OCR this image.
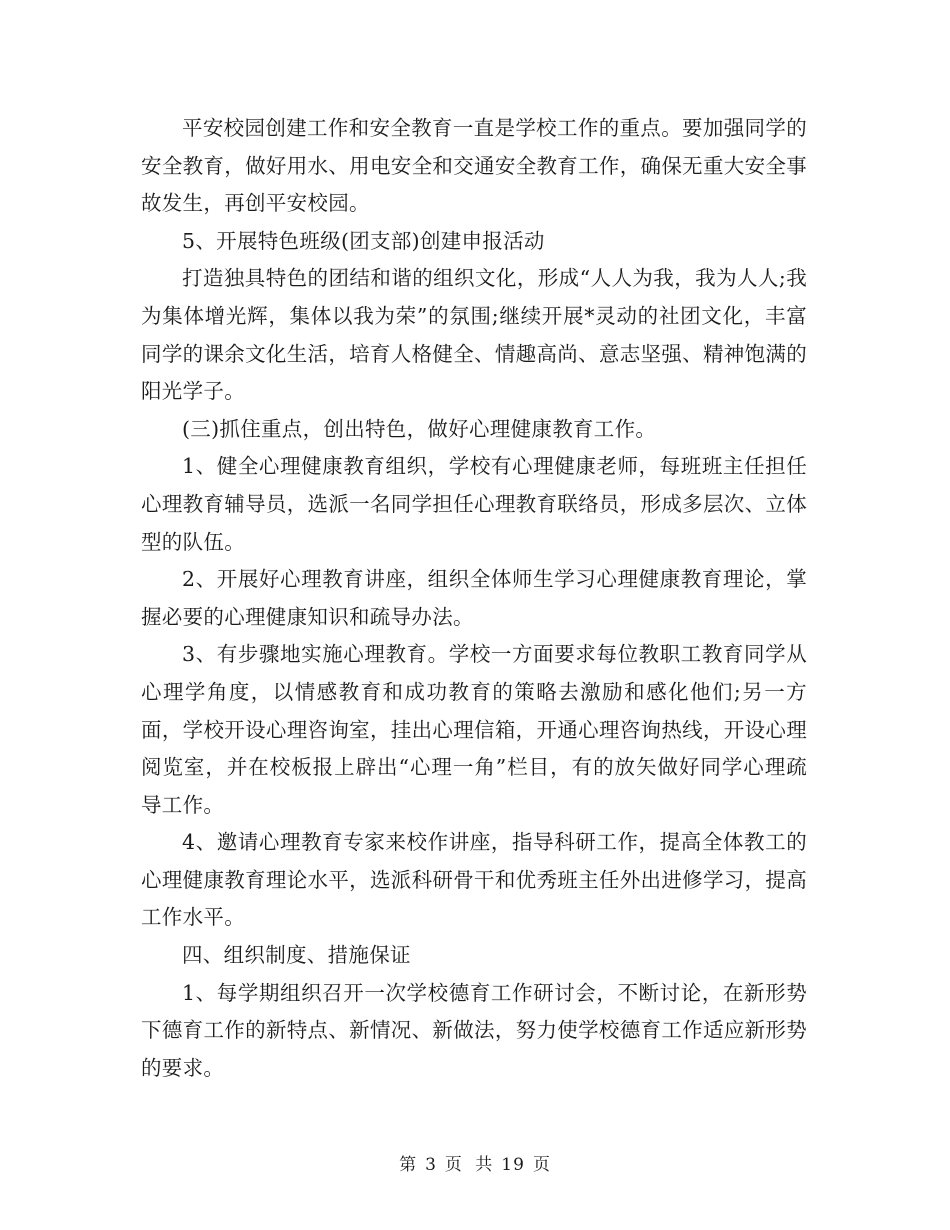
平安校园创建工作和安全教育一直是学校工作的重点。要加强同学的安全教育，做好用水、用电安全和交通安全教育工作，确保无重大安全事故发生，再创平安校园。

5、开展特色班级(团支部)创建申报活动

打造独具特色的团结和谐的组织文化，形成“人人为我，我为人人;我为集体增光辉，集体以我为荣”的氛围;继续开展*灵动的社团文化，丰富同学的课余文化生活，培育人格健全、情趣高尚、意志坚强、精神饱满的阳光学子。

(三)抓住重点，创出特色，做好心理健康教育工作。

1、健全心理健康教育组织，学校有心理健康老师，每班班主任担任心理教育辅导员，选派一名同学担任心理教育联络员，形成多层次、立体型的队伍。

2、开展好心理教育讲座，组织全体师生学习心理健康教育理论，掌握必要的心理健康知识和疏导办法。

3、有步骤地实施心理教育。学校一方面要求每位教职工教育同学从心理学角度，以情感教育和成功教育的策略去激励和感化他们;另一方面，学校开设心理咨询室，挂出心理信箱，开通心理咨询热线，开设心理阅览室，并在校板报上辟出“心理一角”栏目，有的放矢做好同学心理疏导工作。

4、邀请心理教育专家来校作讲座，指导科研工作，提高全体教工的心理健康教育理论水平，选派科研骨干和优秀班主任外出进修学习，提高工作水平。

四、组织制度、措施保证

1、每学期组织召开一次学校德育工作研讨会，不断讨论，在新形势下德育工作的新特点、新情况、新做法，努力使学校德育工作适应新形势的要求。

第 3 页 共 19 页
